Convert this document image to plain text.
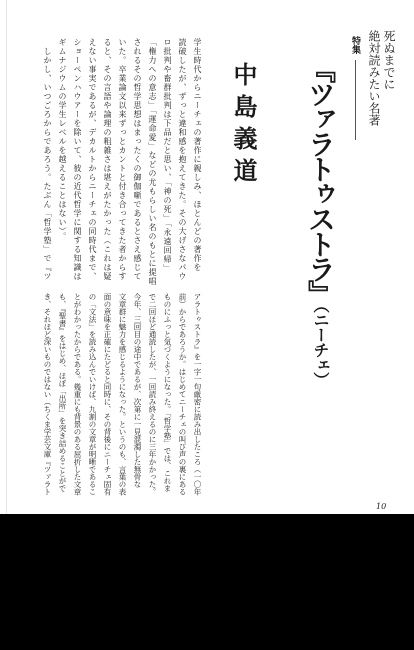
特集 死ぬまでに
絶対読みたい名著
『ツァラトゥストラ』（ニーチェ）
中島義道
学生時代からニーチェの著作に親しみ、ほとんどの著作を
読破したが、ずっと違和感を抱えてきた。その大げさなパウ
ロ批判や畜群批判は下品だと思い、「神の死」「永遠回帰」
「権力への意志」「運命愛」などの尤もらしい名のもとに提唱
されるその哲学思想はまったくの御伽噺であるとさえ感じて
いた。卒業論文以来ずっとカントと付き合ってきた者からす
ると、その言語や論理の粗雑さは堪えがたかった（これは疑
えない事実であるが、デカルトからニーチェの同時代まで、
ショーペンハウアーを除いて、彼の近代哲学に関する知識は
ギムナジウムの学生レベルを越えることはない）。
　しかし、いつごろからであろう。たぶん「哲学塾」で『ツ
アラトゥストラ』を一字一句厳密に読み出したころ（一〇年
前）からであろうか。はじめてニーチェの叫び声の裏にある
ものにふっと気づくようになった。「哲学塾」では、これま
で二回ほど通読したが、一回読み終えるのに三年かかった。
今年、三回目の途中であるが、次第に一見混濁した無骨な
文章群に魅力を感じるようになった。というのも、言葉の表
面の意味を正確にたどると同時に、その背後にニーチェ固有
の「文法」を読み込んでいけば、九割の文章が明晰であるこ
とがわかったからである。幾重にも背景のある屈折した文章
も、『聖書』をはじめ、ほぼ「出所」を突き詰めることがで
き、それほど深いものではない（ちくま学芸文庫『ツァラト
10
